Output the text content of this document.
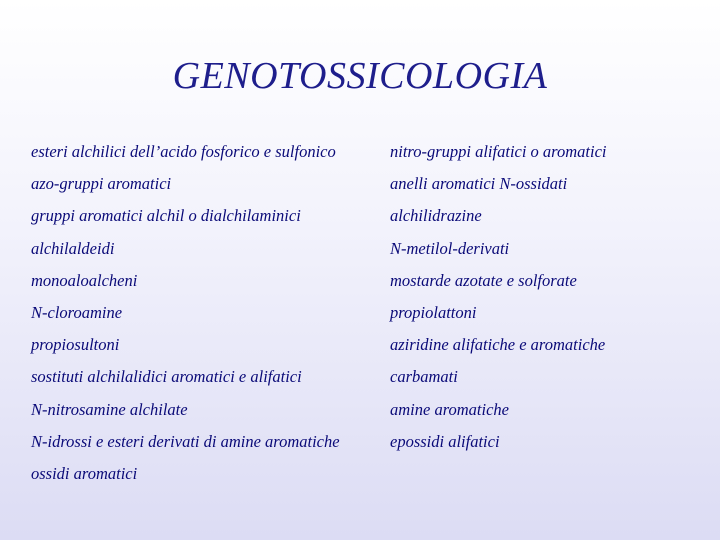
GENOTOSSICOLOGIA
esteri alchilici dell’acido fosforico e sulfonico	nitro-gruppi alifatici o aromatici
azo-gruppi aromatici	anelli aromatici N-ossidati
gruppi aromatici alchil o dialchilaminici	alchilidrazine
alchilaldeidi	N-metilol-derivati
monoaloalcheni	mostarde azotate e solforate
N-cloroamine	propiolattoni
propiosultoni	aziridine alifatiche e aromatiche
sostituti alchilalidici aromatici e alifatici	carbamati
N-nitrosamine alchilate	amine aromatiche
N-idrossi e esteri derivati di amine aromatiche	epossidi alifatici
ossidi aromatici
